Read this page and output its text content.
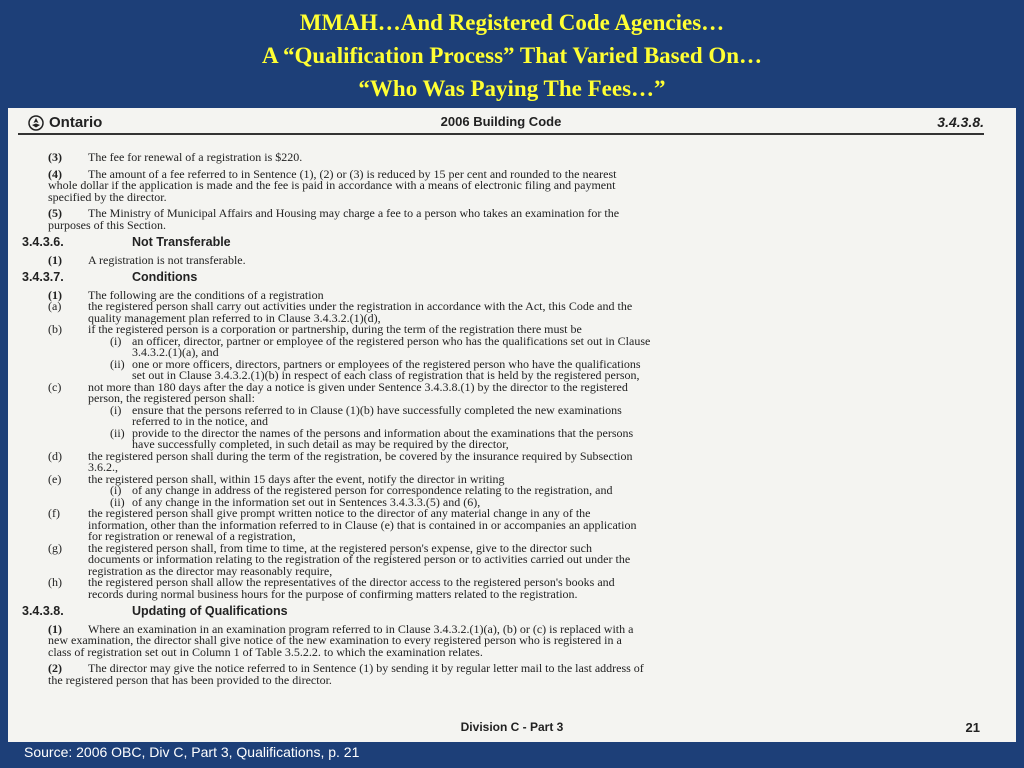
MMAH…And Registered Code Agencies…
A “Qualification Process” That Varied Based On…
“Who Was Paying The Fees…”
Ontario	2006 Building Code	3.4.3.8.
(3) The fee for renewal of a registration is $220.
(4) The amount of a fee referred to in Sentence (1), (2) or (3) is reduced by 15 per cent and rounded to the nearest
whole dollar if the application is made and the fee is paid in accordance with a means of electronic filing and payment
specified by the director.
(5) The Ministry of Municipal Affairs and Housing may charge a fee to a person who takes an examination for the
purposes of this Section.
3.4.3.6.	Not Transferable
(1) A registration is not transferable.
3.4.3.7.	Conditions
(1) The following are the conditions of a registration
(a) the registered person shall carry out activities under the registration in accordance with the Act, this Code and the
quality management plan referred to in Clause 3.4.3.2.(1)(d),
(b) if the registered person is a corporation or partnership, during the term of the registration there must be
(i) an officer, director, partner or employee of the registered person who has the qualifications set out in Clause
3.4.3.2.(1)(a), and
(ii) one or more officers, directors, partners or employees of the registered person who have the qualifications
set out in Clause 3.4.3.2.(1)(b) in respect of each class of registration that is held by the registered person,
(c) not more than 180 days after the day a notice is given under Sentence 3.4.3.8.(1) by the director to the registered
person, the registered person shall:
(i) ensure that the persons referred to in Clause (1)(b) have successfully completed the new examinations
referred to in the notice, and
(ii) provide to the director the names of the persons and information about the examinations that the persons
have successfully completed, in such detail as may be required by the director,
(d) the registered person shall during the term of the registration, be covered by the insurance required by Subsection
3.6.2.,
(e) the registered person shall, within 15 days after the event, notify the director in writing
(i) of any change in address of the registered person for correspondence relating to the registration, and
(ii) of any change in the information set out in Sentences 3.4.3.3.(5) and (6),
(f) the registered person shall give prompt written notice to the director of any material change in any of the
information, other than the information referred to in Clause (e) that is contained in or accompanies an application
for registration or renewal of a registration,
(g) the registered person shall, from time to time, at the registered person's expense, give to the director such
documents or information relating to the registration of the registered person or to activities carried out under the
registration as the director may reasonably require,
(h) the registered person shall allow the representatives of the director access to the registered person's books and
records during normal business hours for the purpose of confirming matters related to the registration.
3.4.3.8.	Updating of Qualifications
(1) Where an examination in an examination program referred to in Clause 3.4.3.2.(1)(a), (b) or (c) is replaced with a
new examination, the director shall give notice of the new examination to every registered person who is registered in a
class of registration set out in Column 1 of Table 3.5.2.2. to which the examination relates.
(2) The director may give the notice referred to in Sentence (1) by sending it by regular letter mail to the last address of
the registered person that has been provided to the director.
Division C - Part 3	21
Source: 2006 OBC, Div C, Part 3, Qualifications, p. 21
